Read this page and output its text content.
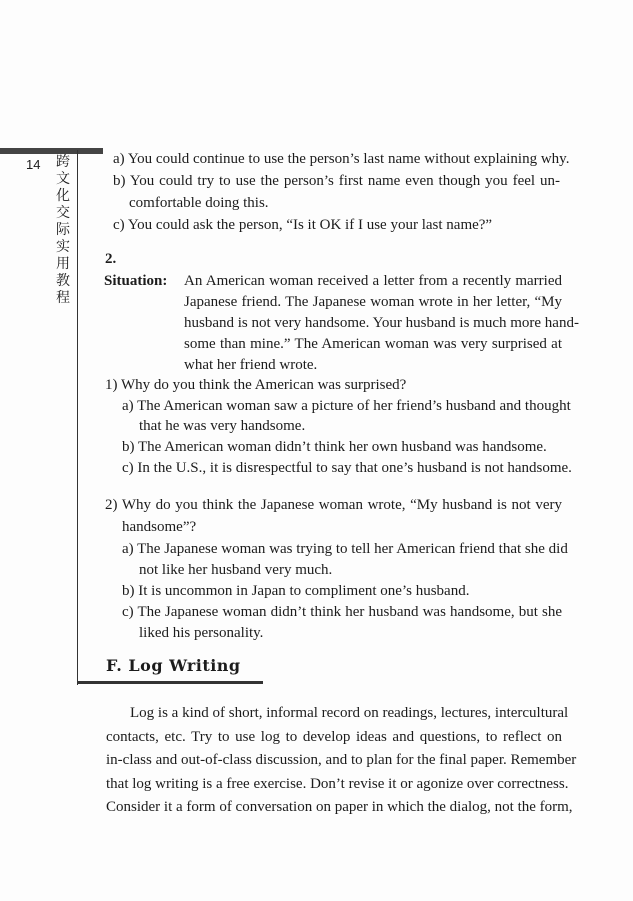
14 跨文化交际实用教程
a) You could continue to use the person’s last name without explaining why.
b) You could try to use the person’s first name even though you feel un-
comfortable doing this.
c) You could ask the person, “Is it OK if I use your last name?”
2.
Situation: An American woman received a letter from a recently married
Japanese friend. The Japanese woman wrote in her letter, “My
husband is not very handsome. Your husband is much more hand-
some than mine.” The American woman was very surprised at
what her friend wrote.
1) Why do you think the American was surprised?
a) The American woman saw a picture of her friend’s husband and thought
that he was very handsome.
b) The American woman didn’t think her own husband was handsome.
c) In the U.S., it is disrespectful to say that one’s husband is not handsome.
2) Why do you think the Japanese woman wrote, “My husband is not very
handsome”?
a) The Japanese woman was trying to tell her American friend that she did
not like her husband very much.
b) It is uncommon in Japan to compliment one’s husband.
c) The Japanese woman didn’t think her husband was handsome, but she
liked his personality.
F. Log Writing
Log is a kind of short, informal record on readings, lectures, intercultural
contacts, etc. Try to use log to develop ideas and questions, to reflect on
in-class and out-of-class discussion, and to plan for the final paper. Remember
that log writing is a free exercise. Don’t revise it or agonize over correctness.
Consider it a form of conversation on paper in which the dialog, not the form,
